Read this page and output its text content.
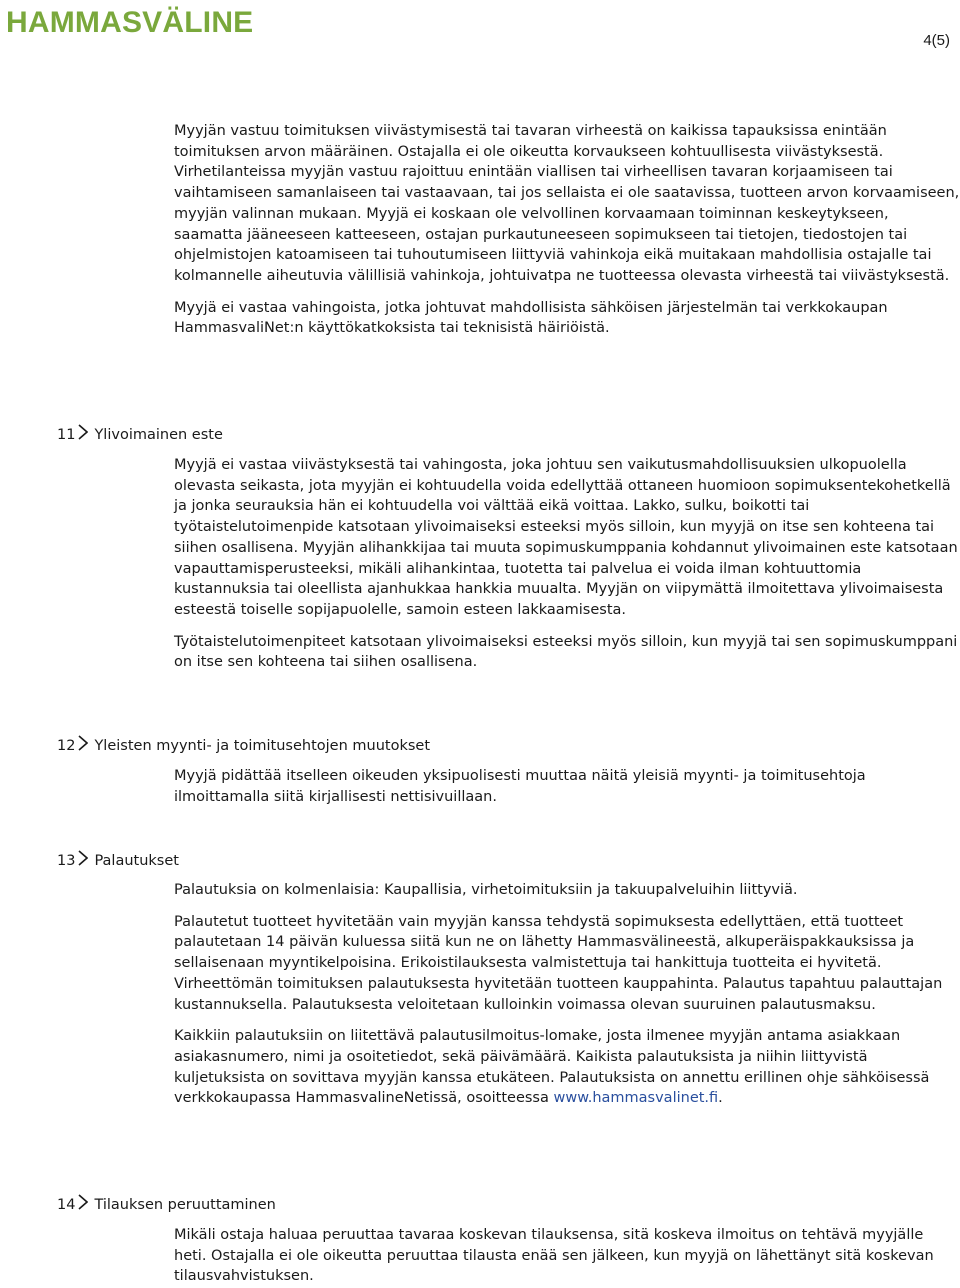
HAMMASVÄLINE
4(5)

Myyjän vastuu toimituksen viivästymisestä tai tavaran virheestä on kaikissa tapauksissa enintään toimituksen arvon määräinen. Ostajalla ei ole oikeutta korvaukseen kohtuullisesta viivästyksestä. Virhetilanteissa myyjän vastuu rajoittuu enintään viallisen tai virheellisen tavaran korjaamiseen tai vaihtamiseen samanlaiseen tai vastaavaan, tai jos sellaista ei ole saatavissa, tuotteen arvon korvaamiseen, myyjän valinnan mukaan. Myyjä ei koskaan ole velvollinen korvaamaan toiminnan keskeytykseen, saamatta jääneeseen katteeseen, ostajan purkautuneeseen sopimukseen tai tietojen, tiedostojen tai ohjelmistojen katoamiseen tai tuhoutumiseen liittyviä vahinkoja eikä muitakaan mahdollisia ostajalle tai kolmannelle aiheutuvia välillisiä vahinkoja, johtuivatpa ne tuotteessa olevasta virheestä tai viivästyksestä.

Myyjä ei vastaa vahingoista, jotka johtuvat mahdollisista sähköisen järjestelmän tai verkkokaupan HammasvaliNet:n käyttökatkoksista tai teknisistä häiriöistä.

11 Ylivoimainen este

Myyjä ei vastaa viivästyksestä tai vahingosta, joka johtuu sen vaikutusmahdollisuuksien ulkopuolella olevasta seikasta, jota myyjän ei kohtuudella voida edellyttää ottaneen huomioon sopimuksentekohetkellä ja jonka seurauksia hän ei kohtuudella voi välttää eikä voittaa. Lakko, sulku, boikotti tai työtaistelutoimenpide katsotaan ylivoimaiseksi esteeksi myös silloin, kun myyjä on itse sen kohteena tai siihen osallisena. Myyjän alihankkijaa tai muuta sopimuskumppania kohdannut ylivoimainen este katsotaan vapauttamisperusteeksi, mikäli alihankintaa, tuotetta tai palvelua ei voida ilman kohtuuttomia kustannuksia tai oleellista ajanhukkaa hankkia muualta. Myyjän on viipymättä ilmoitettava ylivoimaisesta esteestä toiselle sopijapuolelle, samoin esteen lakkaamisesta.

Työtaistelutoimenpiteet katsotaan ylivoimaiseksi esteeksi myös silloin, kun myyjä tai sen sopimuskumppani on itse sen kohteena tai siihen osallisena.

12 Yleisten myynti- ja toimitusehtojen muutokset

Myyjä pidättää itselleen oikeuden yksipuolisesti muuttaa näitä yleisiä myynti- ja toimitusehtoja ilmoittamalla siitä kirjallisesti nettisivuillaan.

13 Palautukset

Palautuksia on kolmenlaisia: Kaupallisia, virhetoimituksiin ja takuupalveluihin liittyviä.

Palautetut tuotteet hyvitetään vain myyjän kanssa tehdystä sopimuksesta edellyttäen, että tuotteet palautetaan 14 päivän kuluessa siitä kun ne on lähetty Hammasvälineestä, alkuperäispakkauksissa ja sellaisenaan myyntikelpoisina. Erikoistilauksesta valmistettuja tai hankittuja tuotteita ei hyvitetä. Virheettömän toimituksen palautuksesta hyvitetään tuotteen kauppahinta. Palautus tapahtuu palauttajan kustannuksella. Palautuksesta veloitetaan kulloinkin voimassa olevan suuruinen palautusmaksu.

Kaikkiin palautuksiin on liitettävä palautusilmoitus-lomake, josta ilmenee myyjän antama asiakkaan asiakasnumero, nimi ja osoitetiedot, sekä päivämäärä. Kaikista palautuksista ja niihin liittyvistä kuljetuksista on sovittava myyjän kanssa etukäteen. Palautuksista on annettu erillinen ohje sähköisessä verkkokaupassa HammasvalineNetissä, osoitteessa www.hammasvalinet.fi.

14 Tilauksen peruuttaminen

Mikäli ostaja haluaa peruuttaa tavaraa koskevan tilauksensa, sitä koskeva ilmoitus on tehtävä myyjälle heti. Ostajalla ei ole oikeutta peruuttaa tilausta enää sen jälkeen, kun myyjä on lähettänyt sitä koskevan tilausvahvistuksen.
